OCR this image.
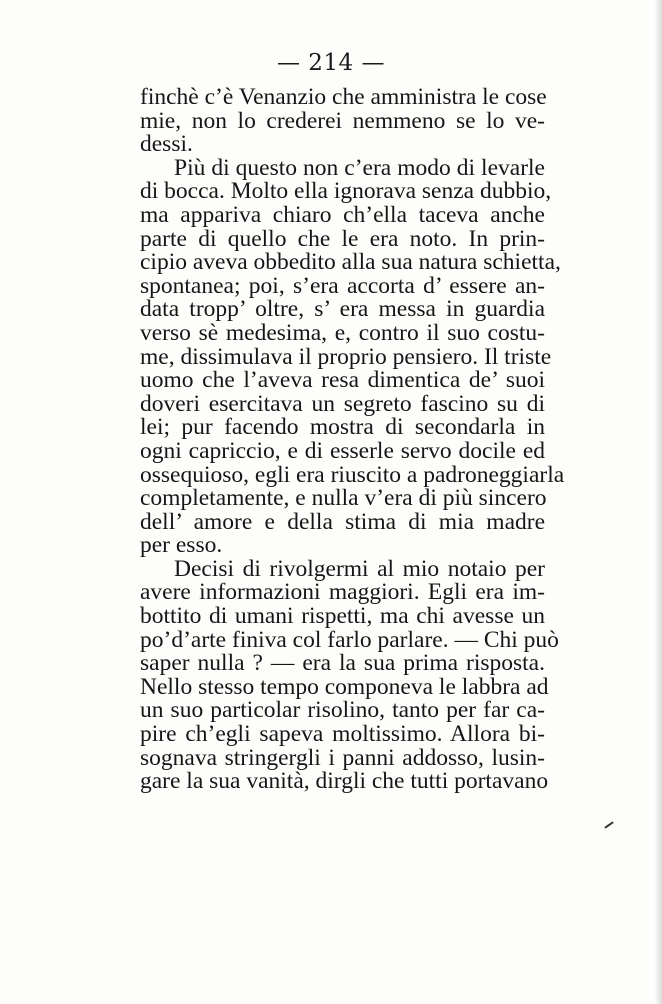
— 214 —
finchè c’è Venanzio che amministra le cose
mie, non lo crederei nemmeno se lo ve-
dessi.
Più di questo non c’era modo di levarle
di bocca. Molto ella ignorava senza dubbio,
ma appariva chiaro ch’ella taceva anche
parte di quello che le era noto. In prin-
cipio aveva obbedito alla sua natura schietta,
spontanea; poi, s’era accorta d’ essere an-
data tropp’ oltre, s’ era messa in guardia
verso sè medesima, e, contro il suo costu-
me, dissimulava il proprio pensiero. Il triste
uomo che l’aveva resa dimentica de’ suoi
doveri esercitava un segreto fascino su di
lei; pur facendo mostra di secondarla in
ogni capriccio, e di esserle servo docile ed
ossequioso, egli era riuscito a padroneggiarla
completamente, e nulla v’era di più sincero
dell’ amore e della stima di mia madre
per esso.
Decisi di rivolgermi al mio notaio per
avere informazioni maggiori. Egli era im-
bottito di umani rispetti, ma chi avesse un
po’d’arte finiva col farlo parlare. — Chi può
saper nulla ? — era la sua prima risposta.
Nello stesso tempo componeva le labbra ad
un suo particolar risolino, tanto per far ca-
pire ch’egli sapeva moltissimo. Allora bi-
sognava stringergli i panni addosso, lusin-
gare la sua vanità, dirgli che tutti portavano
